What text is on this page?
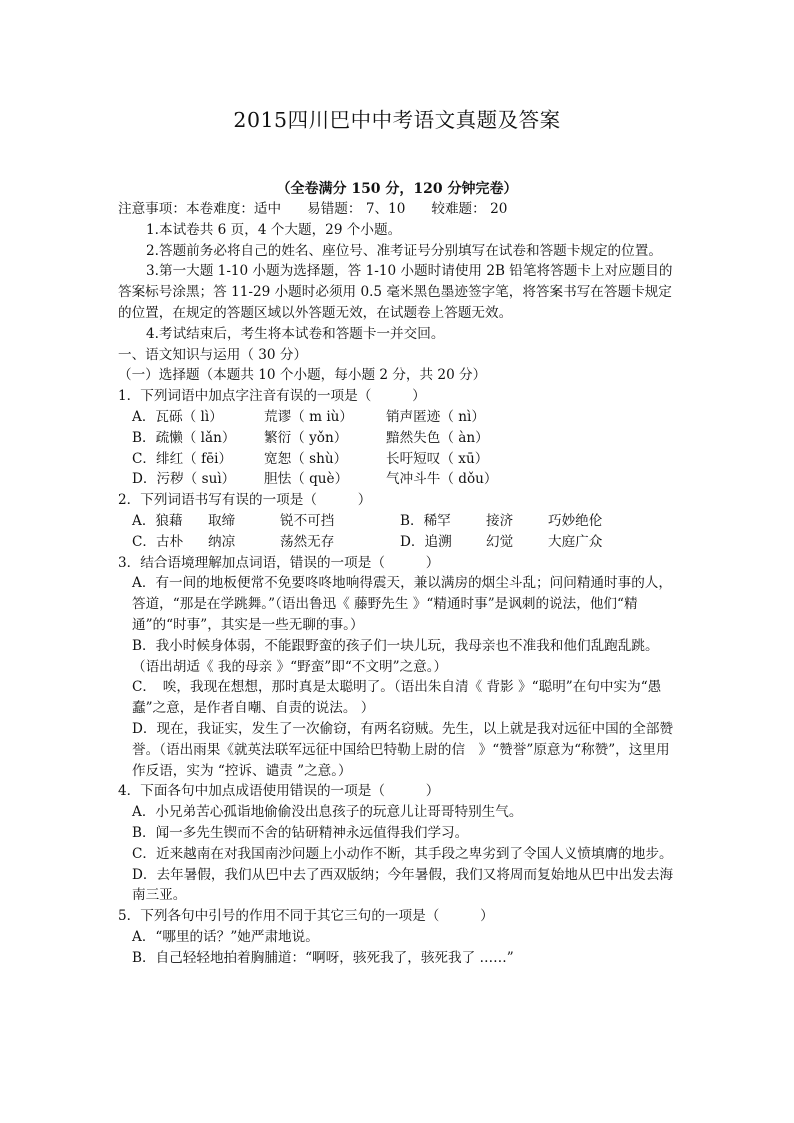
2015四川巴中中考语文真题及答案
（全卷满分 150 分，120 分钟完卷）

注意事项：本卷难度：适中 易错题： 7、10 较难题： 20

1.本试卷共 6 页，4 个大题，29 个小题。

2.答题前务必将自己的姓名、座位号、准考证号分别填写在试卷和答题卡规定的位置。

3.第一大题 1-10 小题为选择题，答 1-10 小题时请使用 2B 铅笔将答题卡上对应题目的答案标号涂黑；答 11-29 小题时必须用 0.5 毫米黑色墨迹签字笔，将答案书写在答题卡规定的位置，在规定的答题区域以外答题无效，在试题卷上答题无效。

4.考试结束后，考生将本试卷和答题卡一并交回。

一、语文知识与运用（ 30 分）

（一）选择题（本题共 10 个小题，每小题 2 分，共 20 分）

1．下列词语中加点字注音有误的一项是（　　　）

A．瓦砾（ lì）	荒谬（ m iù）	销声匿迹（ nì）
B．疏懒（ lǎn）	繁衍（ yǒn）	黯然失色（ àn）
C．绯红（ fēi）	宽恕（ shù）	长吁短叹（ xū）
D．污秽（ suì）	胆怯（ què）	气冲斗牛（ dǒu）

2．下列词语书写有误的一项是（　　　）

A．狼藉	取缔	锐不可挡	B．稀罕	接济	巧妙绝伦
C．古朴	纳凉	荡然无存	D．追溯	幻觉	大庭广众

3．结合语境理解加点词语，错误的一项是（　　　）

A．有一间的地板便常不免要咚咚地响得震天，兼以满房的烟尘斗乱；问问精通时事的人，答道，“那是在学跳舞。”（语出鲁迅《 藤野先生 》“精通时事”是讽刺的说法，他们“精通”的“时事”，其实是一些无聊的事。）

B．我小时候身体弱，不能跟野蛮的孩子们一块儿玩，我母亲也不准我和他们乱跑乱跳。（语出胡适《 我的母亲 》“野蛮”即“不文明”之意。）

C．　唉，我现在想想，那时真是太聪明了。（语出朱自清《 背影 》“聪明”在句中实为“愚蠢”之意，是作者自嘲、自责的说法。 ）

D．现在，我证实，发生了一次偷窃，有两名窃贼。先生，以上就是我对远征中国的全部赞誉。（语出雨果《就英法联军远征中国给巴特勒上尉的信　》“赞誉”原意为“称赞”，这里用作反语，实为 “控诉、谴责 ”之意。）

4．下面各句中加点成语使用错误的一项是（　　　）

A．小兄弟苦心孤诣地偷偷没出息孩子的玩意儿让哥哥特别生气。

B．闻一多先生锲而不舍的钻研精神永远值得我们学习。

C．近来越南在对我国南沙问题上小动作不断，其手段之卑劣到了令国人义愤填膺的地步。

D．去年暑假，我们从巴中去了西双版纳；今年暑假，我们又将周而复始地从巴中出发去海南三亚。

5．下列各句中引号的作用不同于其它三句的一项是（　　　）

A．“哪里的话？”她严肃地说。

B．自己轻轻地拍着胸脯道：“啊呀，骇死我了，骇死我了 ……”
